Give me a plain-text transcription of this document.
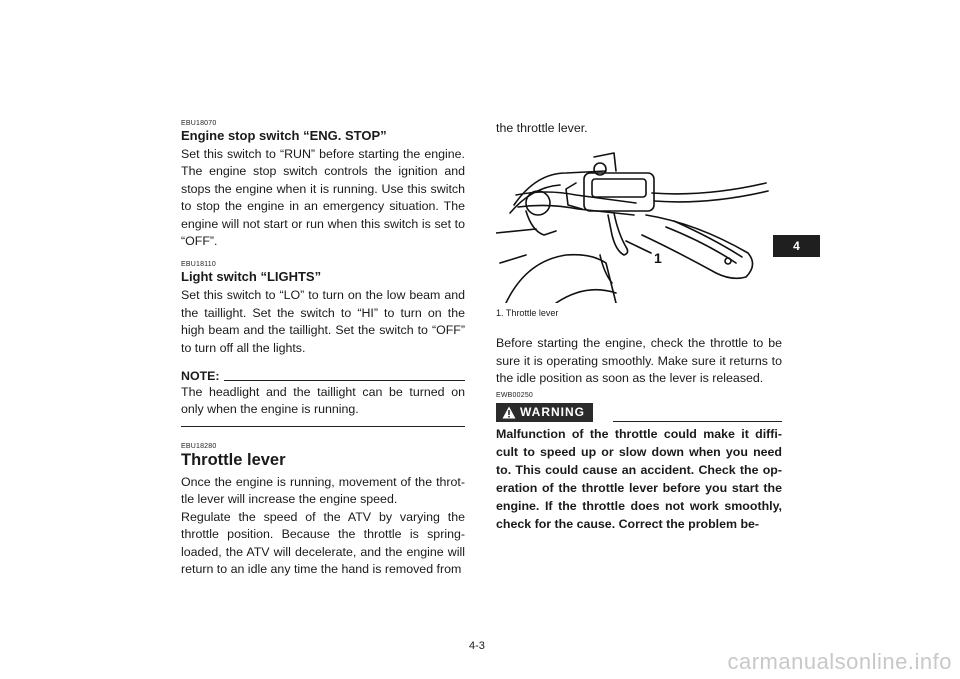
EBU18070

Engine stop switch “ENG. STOP”

Set this switch to “RUN” before starting the engine. The engine stop switch controls the ignition and stops the engine when it is running. Use this switch to stop the engine in an emergency situation. The engine will not start or run when this switch is set to “OFF”.

EBU18110

Light switch “LIGHTS”

Set this switch to “LO” to turn on the low beam and the taillight. Set the switch to “HI” to turn on the high beam and the taillight. Set the switch to “OFF” to turn off all the lights.

NOTE:

The headlight and the taillight can be turned on only when the engine is running.

EBU18280

Throttle lever

Once the engine is running, movement of the throt-tle lever will increase the engine speed.

Regulate the speed of the ATV by varying the throttle position. Because the throttle is spring-loaded, the ATV will decelerate, and the engine will return to an idle any time the hand is removed from

the throttle lever.

1

1. Throttle lever

Before starting the engine, check the throttle to be sure it is operating smoothly. Make sure it returns to the idle position as soon as the lever is released.

EWB00250

WARNING

Malfunction of the throttle could make it diffi-cult to speed up or slow down when you need to. This could cause an accident. Check the op-eration of the throttle lever before you start the engine. If the throttle does not work smoothly, check for the cause. Correct the problem be-

4-3
4
carmanualsonline.info
